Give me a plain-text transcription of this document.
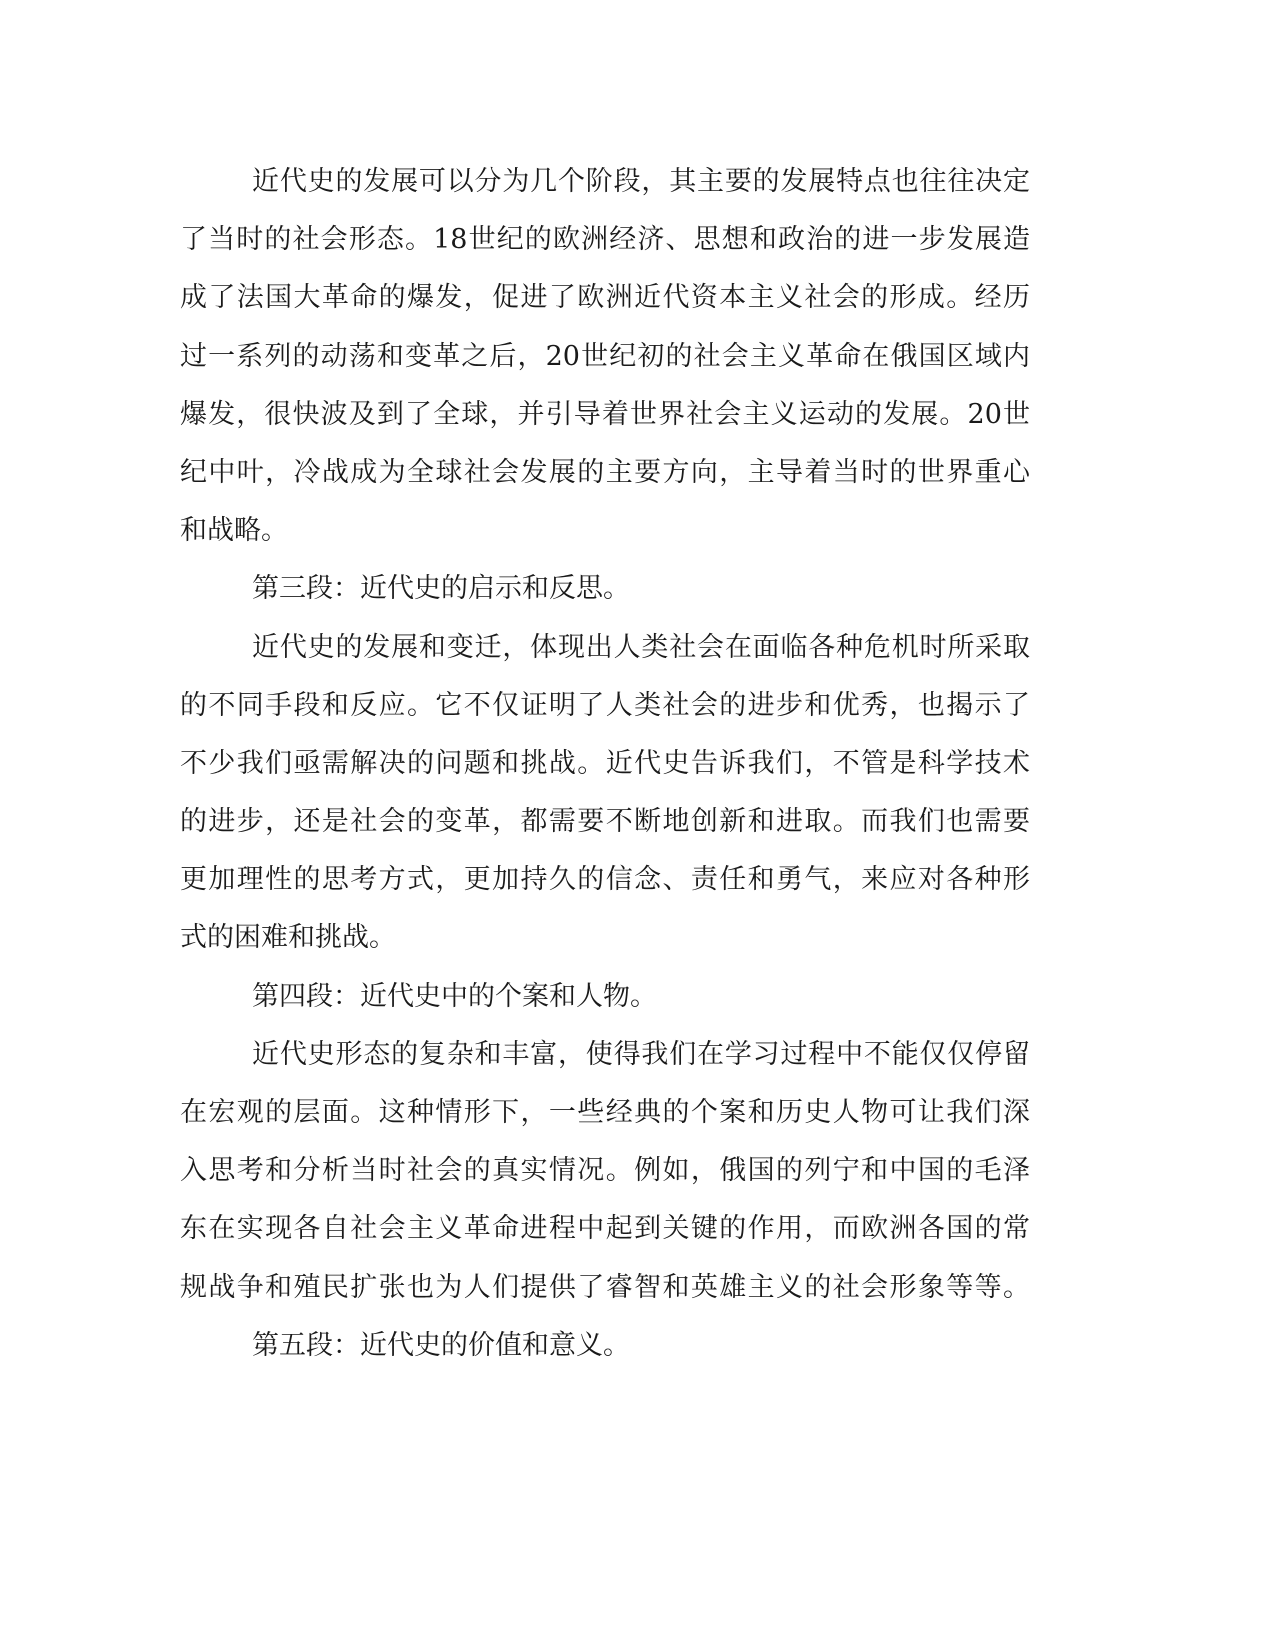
近代史的发展可以分为几个阶段，其主要的发展特点也往往决定
了当时的社会形态。18世纪的欧洲经济、思想和政治的进一步发展造
成了法国大革命的爆发，促进了欧洲近代资本主义社会的形成。经历
过一系列的动荡和变革之后，20世纪初的社会主义革命在俄国区域内
爆发，很快波及到了全球，并引导着世界社会主义运动的发展。20世
纪中叶，冷战成为全球社会发展的主要方向，主导着当时的世界重心
和战略。
第三段：近代史的启示和反思。
近代史的发展和变迁，体现出人类社会在面临各种危机时所采取
的不同手段和反应。它不仅证明了人类社会的进步和优秀，也揭示了
不少我们亟需解决的问题和挑战。近代史告诉我们，不管是科学技术
的进步，还是社会的变革，都需要不断地创新和进取。而我们也需要
更加理性的思考方式，更加持久的信念、责任和勇气，来应对各种形
式的困难和挑战。
第四段：近代史中的个案和人物。
近代史形态的复杂和丰富，使得我们在学习过程中不能仅仅停留
在宏观的层面。这种情形下，一些经典的个案和历史人物可让我们深
入思考和分析当时社会的真实情况。例如，俄国的列宁和中国的毛泽
东在实现各自社会主义革命进程中起到关键的作用，而欧洲各国的常
规战争和殖民扩张也为人们提供了睿智和英雄主义的社会形象等等。
第五段：近代史的价值和意义。
